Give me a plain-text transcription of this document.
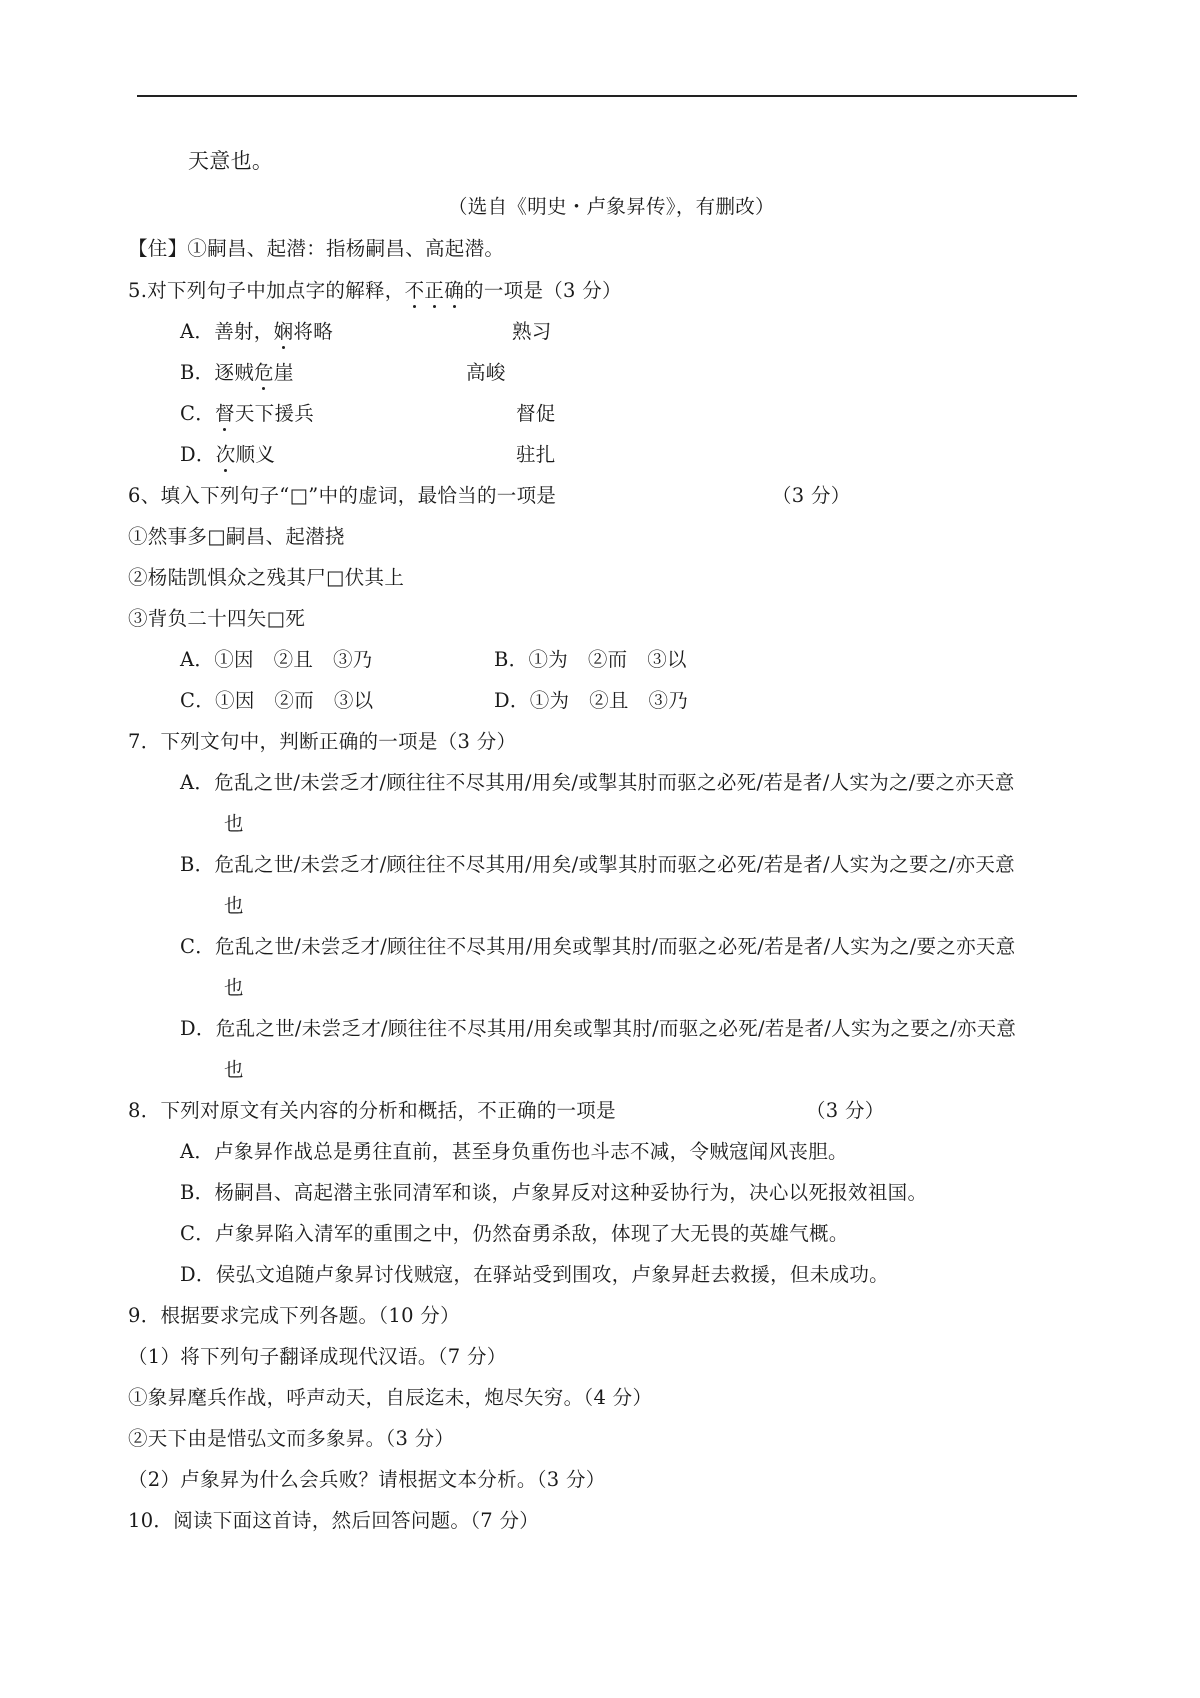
天意也。
（选自《明史・卢象昇传》，有删改）
【住】①嗣昌、起潜：指杨嗣昌、高起潜。
5.对下列句子中加点字的解释，不正确的一项是（3 分）
A．善射，娴将略	熟习
B．逐贼危崖	高峻
C．督天下援兵	督促
D．次顺义	驻扎
6、填入下列句子“□”中的虚词，最恰当的一项是	（3 分）
①然事多□嗣昌、起潜挠
②杨陆凯惧众之残其尸□伏其上
③背负二十四矢□死
A．①因　②且　③乃	B．①为　②而　③以
C．①因　②而　③以	D．①为　②且　③乃
7．下列文句中，判断正确的一项是（3 分）
A．危乱之世/未尝乏才/顾往往不尽其用/用矣/或掣其肘而驱之必死/若是者/人实为之/要之亦天意
也
B．危乱之世/未尝乏才/顾往往不尽其用/用矣/或掣其肘而驱之必死/若是者/人实为之要之/亦天意
也
C．危乱之世/未尝乏才/顾往往不尽其用/用矣或掣其肘/而驱之必死/若是者/人实为之/要之亦天意
也
D．危乱之世/未尝乏才/顾往往不尽其用/用矣或掣其肘/而驱之必死/若是者/人实为之要之/亦天意
也
8．下列对原文有关内容的分析和概括，不正确的一项是	（3 分）
A．卢象昇作战总是勇往直前，甚至身负重伤也斗志不减，令贼寇闻风丧胆。
B．杨嗣昌、高起潜主张同清军和谈，卢象昇反对这种妥协行为，决心以死报效祖国。
C．卢象昇陷入清军的重围之中，仍然奋勇杀敌，体现了大无畏的英雄气概。
D．侯弘文追随卢象昇讨伐贼寇，在驿站受到围攻，卢象昇赶去救援，但未成功。
9．根据要求完成下列各题。（10 分）
（1）将下列句子翻译成现代汉语。（7 分）
①象昇麾兵作战，呼声动天，自辰迄未，炮尽矢穷。（4 分）
②天下由是惜弘文而多象昇。（3 分）
（2）卢象昇为什么会兵败？请根据文本分析。（3 分）
10．阅读下面这首诗，然后回答问题。（7 分）
